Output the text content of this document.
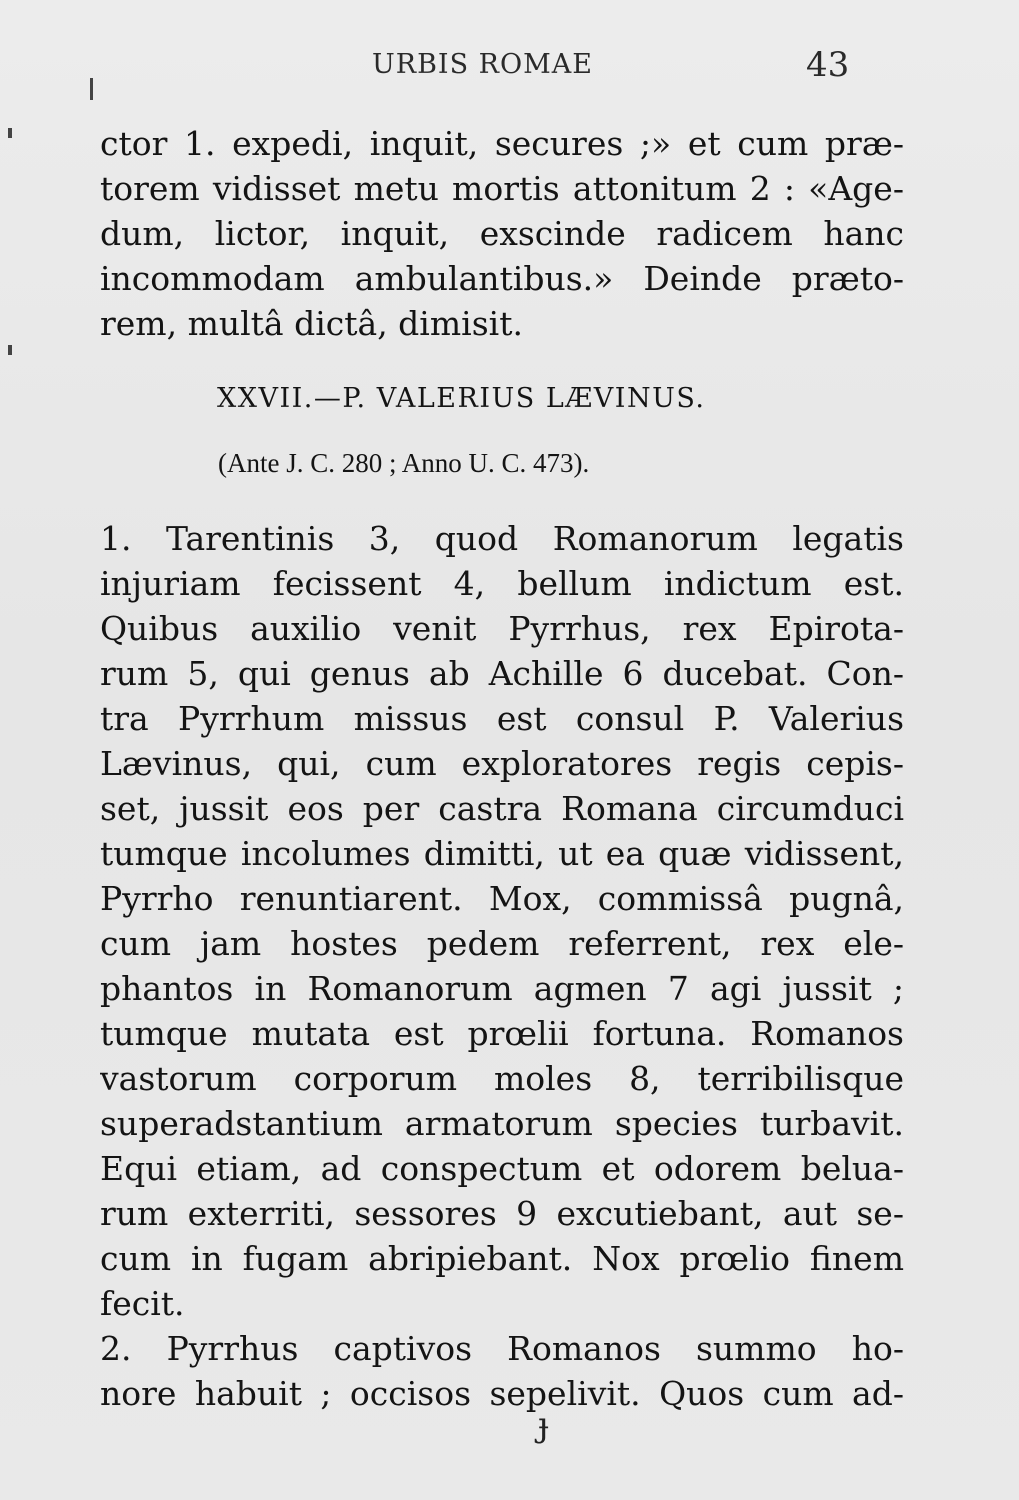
URBIS ROMAE	43
ctor 1. expedi, inquit, secures ;» et cum præ-
torem vidisset metu mortis attonitum 2 : «Age-
dum, lictor, inquit, exscinde radicem hanc
incommodam ambulantibus.» Deinde præto-
rem, multâ dictâ, dimisit.
XXVII.—P. VALERIUS LÆVINUS.
(Ante J. C. 280 ; Anno U. C. 473).
1. Tarentinis 3, quod Romanorum legatis
injuriam fecissent 4, bellum indictum est.
Quibus auxilio venit Pyrrhus, rex Epirota-
rum 5, qui genus ab Achille 6 ducebat. Con-
tra Pyrrhum missus est consul P. Valerius
Lævinus, qui, cum exploratores regis cepis-
set, jussit eos per castra Romana circumduci
tumque incolumes dimitti, ut ea quæ vidissent,
Pyrrho renuntiarent. Mox, commissâ pugnâ,
cum jam hostes pedem referrent, rex ele-
phantos in Romanorum agmen 7 agi jussit ;
tumque mutata est prœlii fortuna. Romanos
vastorum corporum moles 8, terribilisque
superadstantium armatorum species turbavit.
Equi etiam, ad conspectum et odorem belua-
rum exterriti, sessores 9 excutiebant, aut se-
cum in fugam abripiebant. Nox prœlio finem
fecit.
2. Pyrrhus captivos Romanos summo ho-
nore habuit ; occisos sepelivit. Quos cum ad-
ɟ
